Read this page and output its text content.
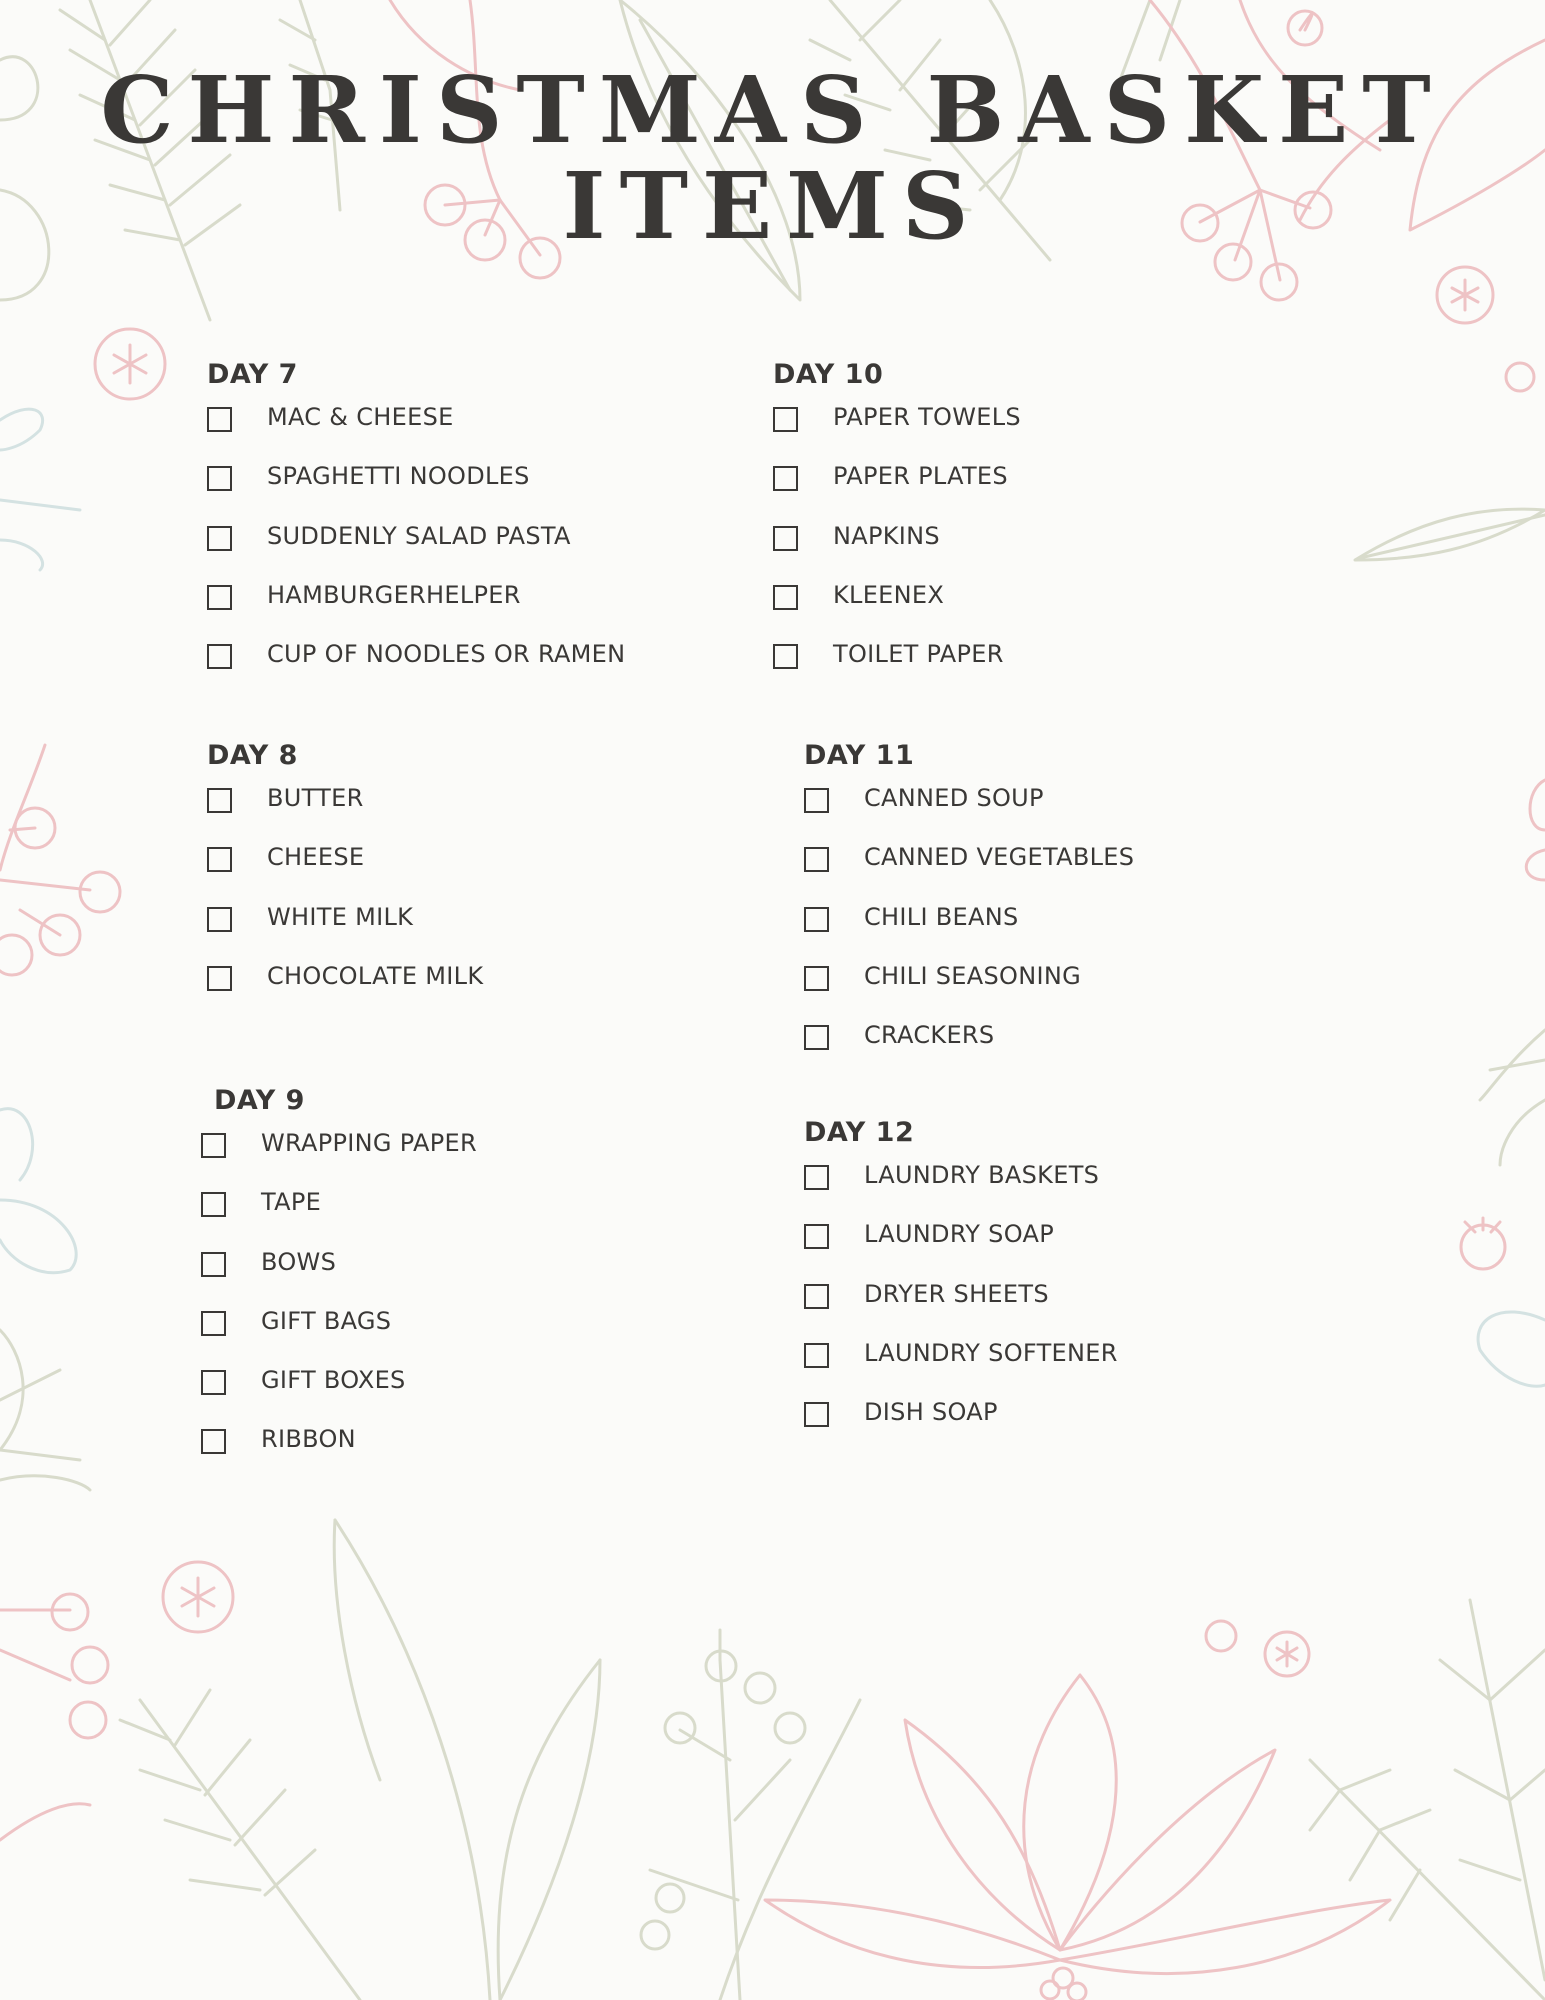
CHRISTMAS BASKET
ITEMS
DAY 7
MAC & CHEESE
SPAGHETTI NOODLES
SUDDENLY SALAD PASTA
HAMBURGERHELPER
CUP OF NOODLES OR RAMEN
DAY 8
BUTTER
CHEESE
WHITE MILK
CHOCOLATE MILK
DAY 9
WRAPPING PAPER
TAPE
BOWS
GIFT BAGS
GIFT BOXES
RIBBON
DAY 10
PAPER TOWELS
PAPER PLATES
NAPKINS
KLEENEX
TOILET PAPER
DAY 11
CANNED SOUP
CANNED VEGETABLES
CHILI BEANS
CHILI SEASONING
CRACKERS
DAY 12
LAUNDRY BASKETS
LAUNDRY SOAP
DRYER SHEETS
LAUNDRY SOFTENER
DISH SOAP
